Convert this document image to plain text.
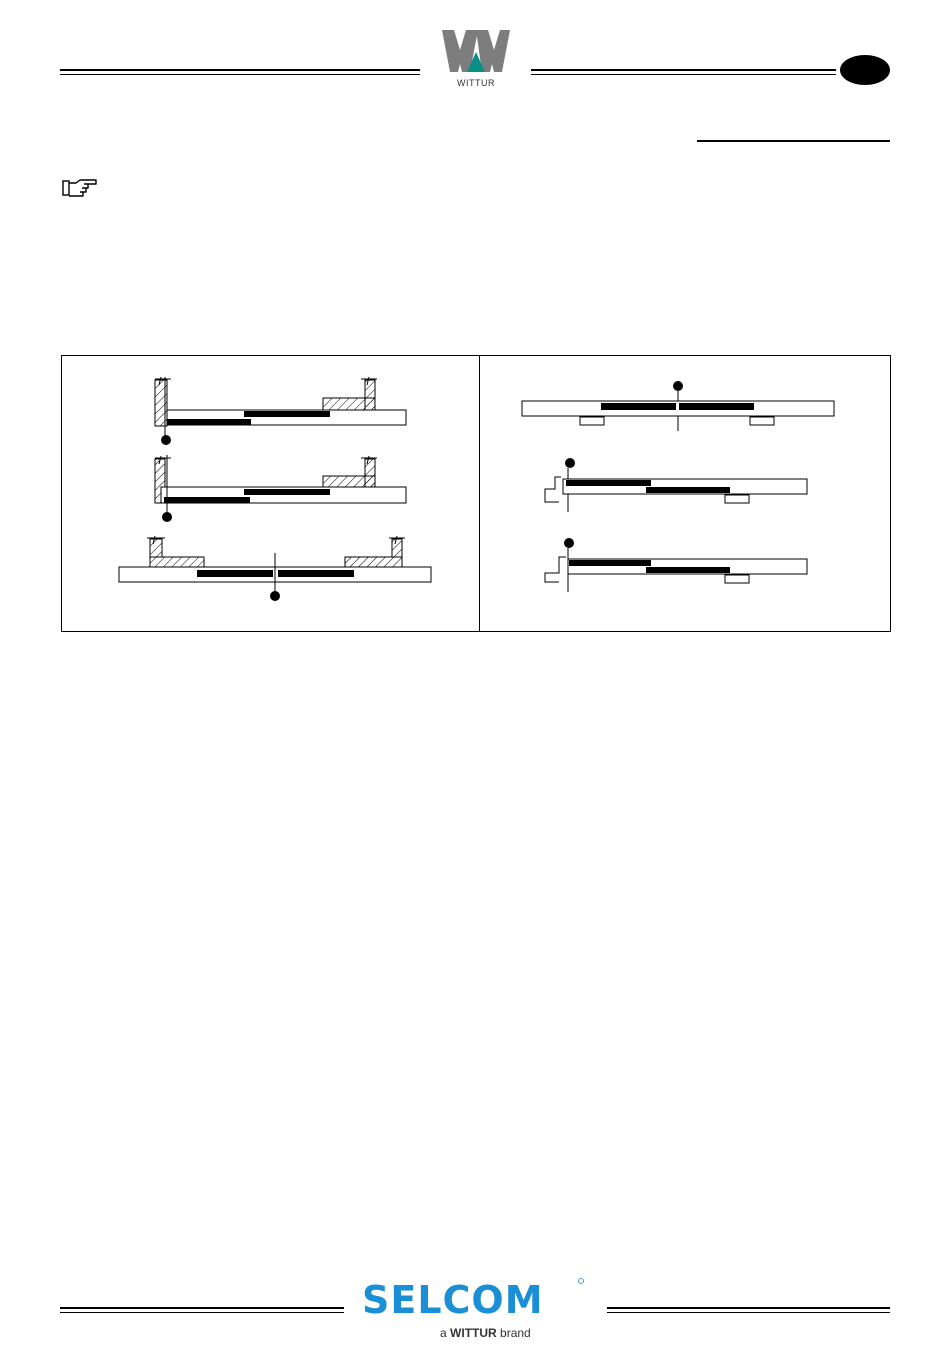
WITTUR
SELCOM
a WITTUR brand
